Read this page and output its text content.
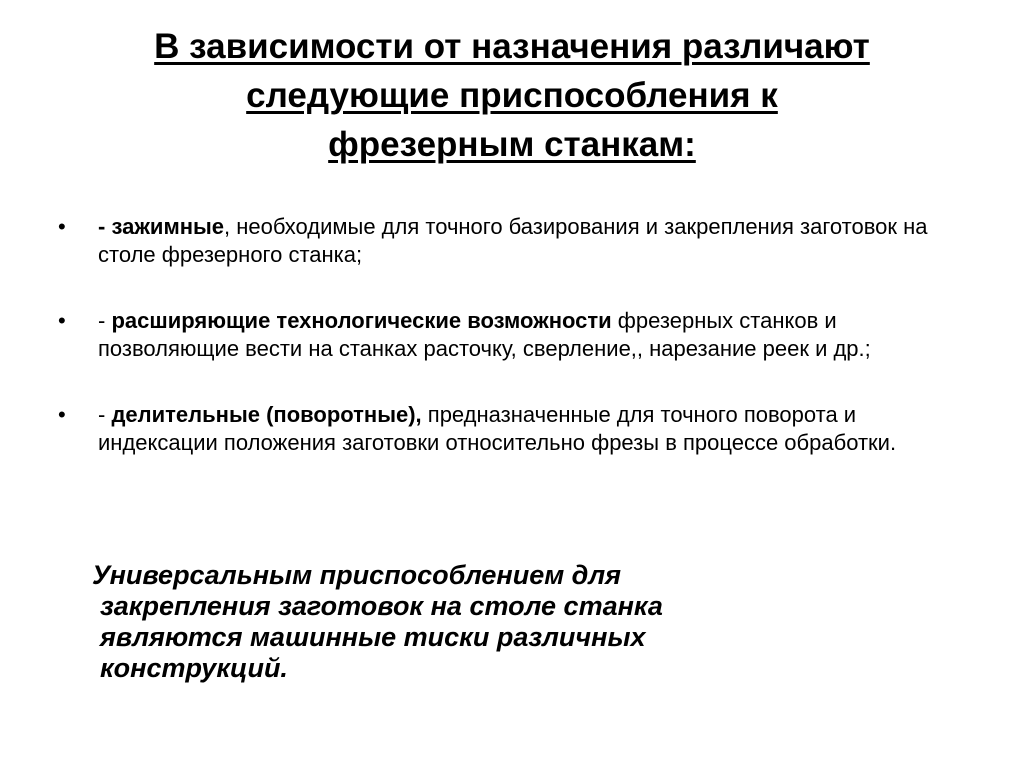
В зависимости от назначения различают
следующие приспособления к
фрезерным станкам:
•	- зажимные, необходимые для точного базирования и закрепления заготовок на столе фрезерного станка;
•	- расширяющие технологические возможности фрезерных станков и позволяющие вести на станках расточку, сверление,, нарезание реек и др.;
•	- делительные (поворотные), предназначенные для точного поворота и индексации положения заготовки относительно фрезы в процессе обработки.
Универсальным приспособлением для
закрепления заготовок на столе станка
являются машинные тиски различных
конструкций.
